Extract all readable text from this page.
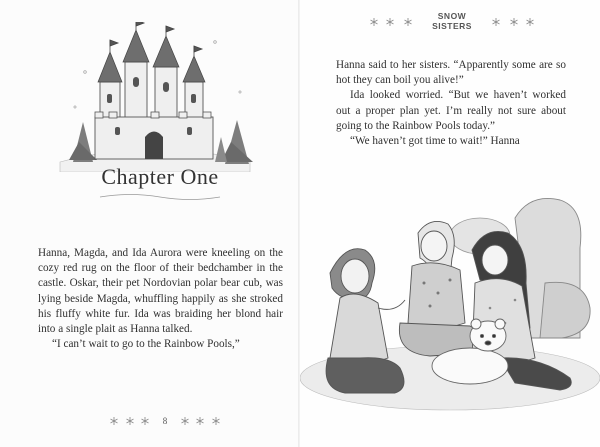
Chapter One

Hanna, Magda, and Ida Aurora were kneeling on the cozy red rug on the floor of their bedchamber in the castle. Oskar, their pet Nordovian polar bear cub, was lying beside Magda, whuffling happily as she stroked his fluffy white fur. Ida was braiding her blond hair into a single plait as Hanna talked.

“I can’t wait to go to the Rainbow Pools,”

8
SNOW
SISTERS

Hanna said to her sisters. “Apparently some are so hot they can boil you alive!”

Ida looked worried. “But we haven’t worked out a proper plan yet. I’m really not sure about going to the Rainbow Pools today.”

“We haven’t got time to wait!” Hanna
